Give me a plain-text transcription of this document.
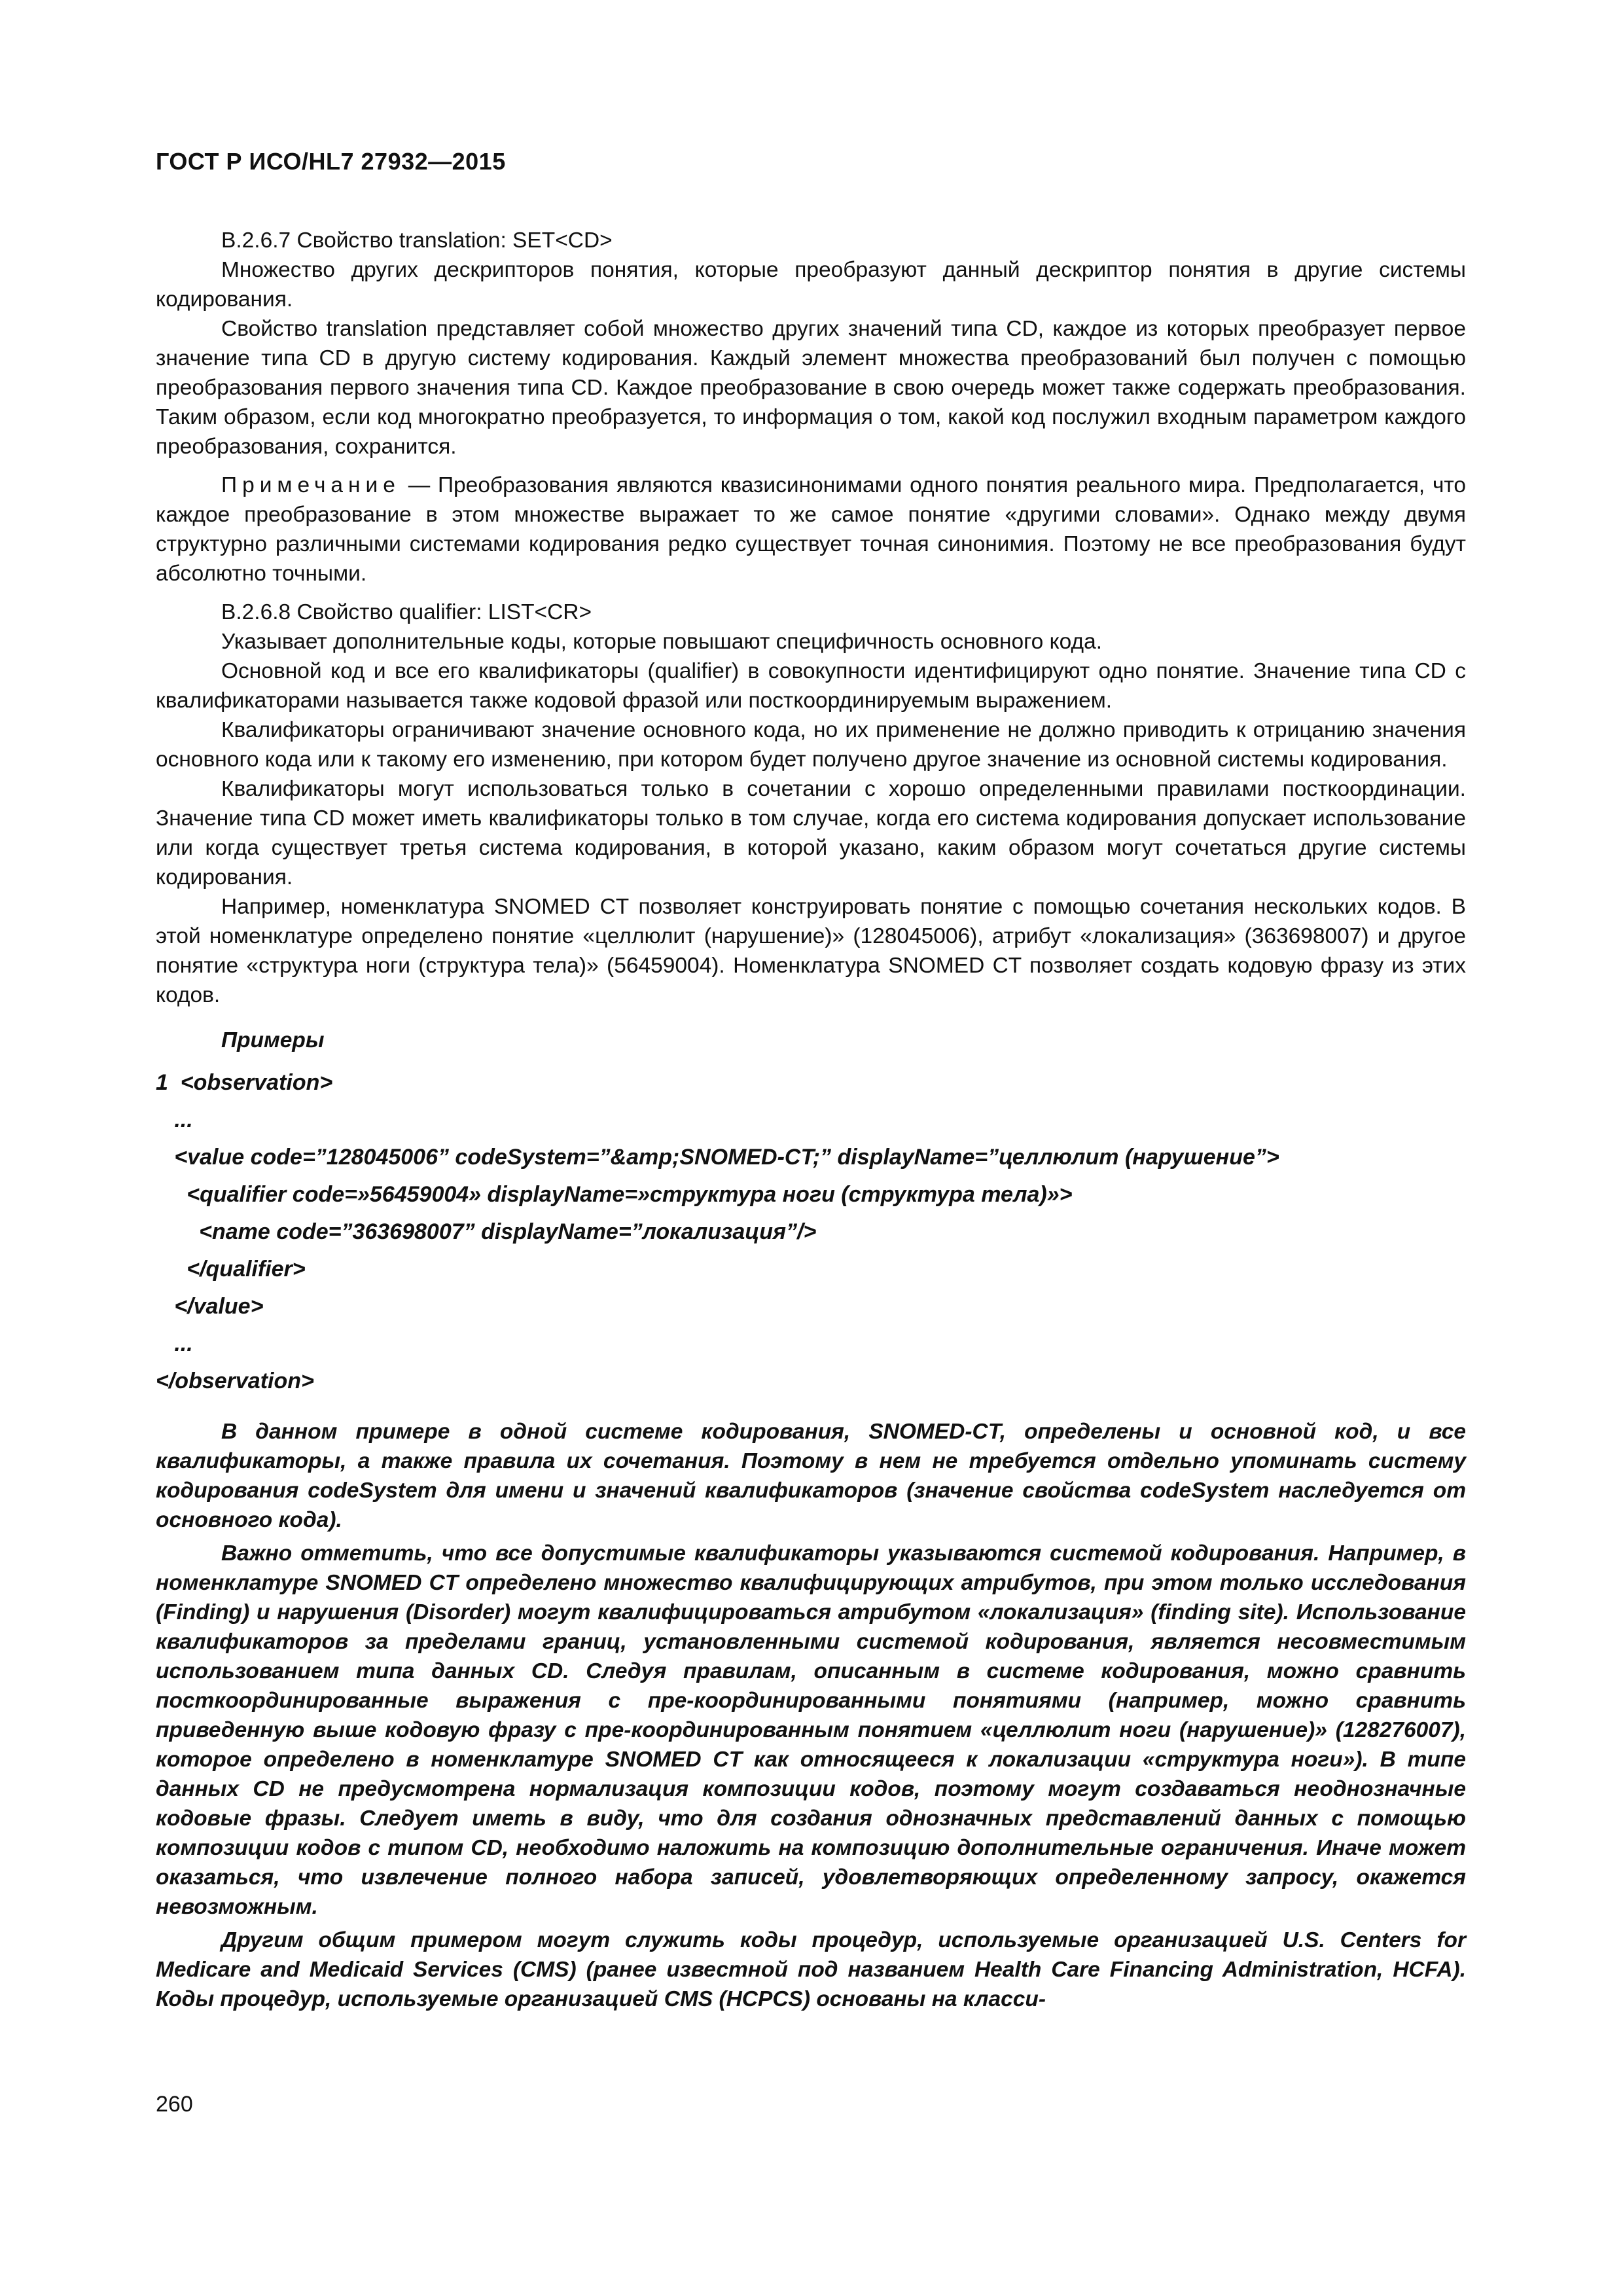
ГОСТ Р ИСО/HL7 27932—2015

В.2.6.7 Свойство translation: SET<CD>

Множество других дескрипторов понятия, которые преобразуют данный дескриптор понятия в другие системы кодирования.

Свойство translation представляет собой множество других значений типа CD, каждое из которых преобразует первое значение типа CD в другую систему кодирования. Каждый элемент множества преобразований был получен с помощью преобразования первого значения типа CD. Каждое преобразование в свою очередь может также содержать преобразования. Таким образом, если код многократно преобразуется, то информация о том, какой код послужил входным параметром каждого преобразования, сохранится.

Примечание — Преобразования являются квазисинонимами одного понятия реального мира. Предполагается, что каждое преобразование в этом множестве выражает то же самое понятие «другими словами». Однако между двумя структурно различными системами кодирования редко существует точная синонимия. Поэтому не все преобразования будут абсолютно точными.

В.2.6.8 Свойство qualifier: LIST<CR>

Указывает дополнительные коды, которые повышают специфичность основного кода.

Основной код и все его квалификаторы (qualifier) в совокупности идентифицируют одно понятие. Значение типа CD с квалификаторами называется также кодовой фразой или посткоординируемым выражением.

Квалификаторы ограничивают значение основного кода, но их применение не должно приводить к отрицанию значения основного кода или к такому его изменению, при котором будет получено другое значение из основной системы кодирования.

Квалификаторы могут использоваться только в сочетании с хорошо определенными правилами посткоординации. Значение типа CD может иметь квалификаторы только в том случае, когда его система кодирования допускает использование или когда существует третья система кодирования, в которой указано, каким образом могут сочетаться другие системы кодирования.

Например, номенклатура SNOMED CT позволяет конструировать понятие с помощью сочетания нескольких кодов. В этой номенклатуре определено понятие «целлюлит (нарушение)» (128045006), атрибут «локализация» (363698007) и другое понятие «структура ноги (структура тела)» (56459004). Номенклатура SNOMED CT позволяет создать кодовую фразу из этих кодов.

Примеры

1  <observation>
...
<value code=”128045006” codeSystem=”&amp;SNOMED-CT;” displayName=”целлюлит (нарушение”>
<qualifier code=»56459004» displayName=»структура ноги (структура тела)»>
<name code=”363698007” displayName=”локализация”/>
</qualifier>
</value>
...
</observation>

В данном примере в одной системе кодирования, SNOMED-CT, определены и основной код, и все квалификаторы, а также правила их сочетания. Поэтому в нем не требуется отдельно упоминать систему кодирования codeSystem для имени и значений квалификаторов (значение свойства codeSystem наследуется от основного кода).

Важно отметить, что все допустимые квалификаторы указываются системой кодирования. Например, в номенклатуре SNOMED CT определено множество квалифицирующих атрибутов, при этом только исследования (Finding) и нарушения (Disorder) могут квалифицироваться атрибутом «локализация» (finding site). Использование квалификаторов за пределами границ, установленными системой кодирования, является несовместимым использованием типа данных CD. Следуя правилам, описанным в системе кодирования, можно сравнить посткоординированные выражения с пре-координированными понятиями (например, можно сравнить приведенную выше кодовую фразу с пре-координированным понятием «целлюлит ноги (нарушение)» (128276007), которое определено в номенклатуре SNOMED CT как относящееся к локализации «структура ноги»). В типе данных CD не предусмотрена нормализация композиции кодов, поэтому могут создаваться неоднозначные кодовые фразы. Следует иметь в виду, что для создания однозначных представлений данных с помощью композиции кодов с типом CD, необходимо наложить на композицию дополнительные ограничения. Иначе может оказаться, что извлечение полного набора записей, удовлетворяющих определенному запросу, окажется невозможным.

Другим общим примером могут служить коды процедур, используемые организацией U.S. Centers for Medicare and Medicaid Services (CMS) (ранее известной под названием Health Care Financing Administration, HCFA). Коды процедур, используемые организацией CMS (HCPCS) основаны на класси-

260
